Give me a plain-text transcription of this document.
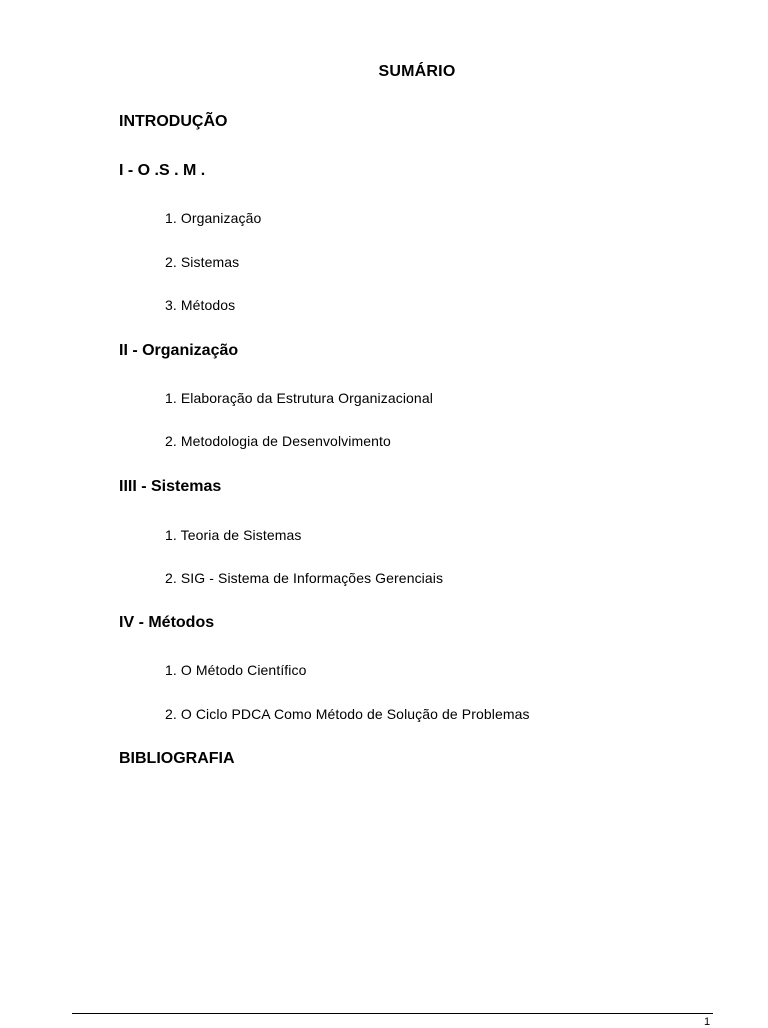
SUMÁRIO
INTRODUÇÃO
I - O .S . M .
1. Organização
2. Sistemas
3. Métodos
II - Organização
1. Elaboração da Estrutura Organizacional
2. Metodologia de Desenvolvimento
IIII - Sistemas
1. Teoria de Sistemas
2. SIG - Sistema de Informações Gerenciais
IV - Métodos
1. O Método Científico
2. O Ciclo PDCA Como Método de Solução de Problemas
BIBLIOGRAFIA
1
